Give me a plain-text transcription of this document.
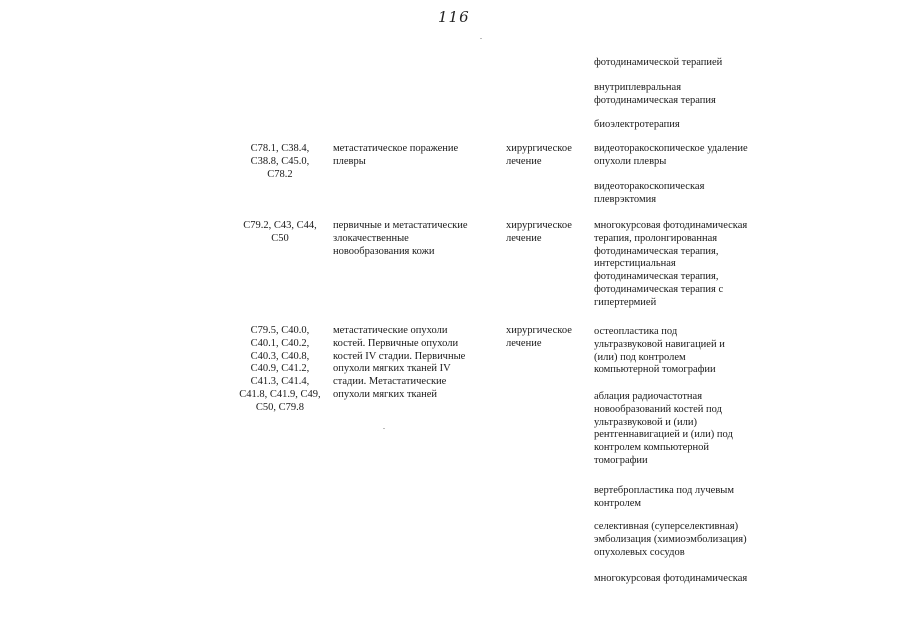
116
фотодинамической терапией
внутриплевральная
фотодинамическая терапия
биоэлектротерапия
C78.1, C38.4,
C38.8, C45.0,
C78.2
метастатическое поражение
плевры
хирургическое
лечение
видеоторакоскопическое удаление
опухоли плевры
видеоторакоскопическая
плеврэктомия
C79.2, C43, C44,
C50
первичные и метастатические
злокачественные
новообразования кожи
хирургическое
лечение
многокурсовая фотодинамическая
терапия, пролонгированная
фотодинамическая терапия,
интерстициальная
фотодинамическая терапия,
фотодинамическая терапия с
гипертермией
C79.5, C40.0,
C40.1, C40.2,
C40.3, C40.8,
C40.9, C41.2,
C41.3, C41.4,
C41.8, C41.9, C49,
C50, C79.8
метастатические опухоли
костей. Первичные опухоли
костей IV стадии. Первичные
опухоли мягких тканей IV
стадии. Метастатические
опухоли мягких тканей
хирургическое
лечение
остеопластика под
ультразвуковой навигацией и
(или) под контролем
компьютерной томографии
аблация радиочастотная
новообразований костей под
ультразвуковой и (или)
рентгеннавигацией и (или) под
контролем компьютерной
томографии
вертебропластика под лучевым
контролем
селективная (суперселективная)
эмболизация (химиоэмболизация)
опухолевых сосудов
многокурсовая фотодинамическая
